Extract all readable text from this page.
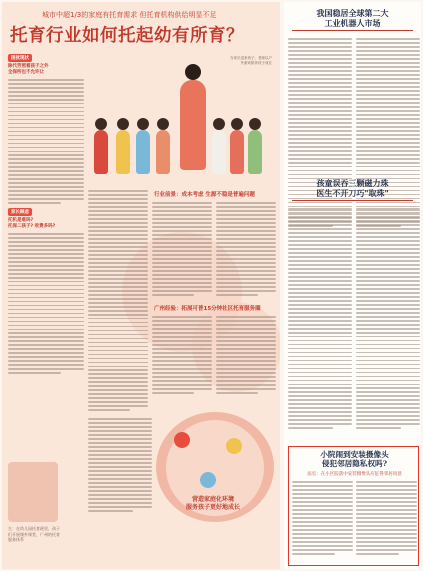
城市中超1/3的家庭有托育需求 但托育机构供给明显不足
托育行业如何托起幼有所育？
当家长送来孩子，老师以户外游戏陪伴孩子成长
困扰现状
除代劳照看孩子之外
全保所也不允许让
家长顾虑
托机是难吗?
托保二孩子? 收费多吗?
行业前景：成本考虑 生源不稳是普遍问题
广州经验：拓展可普15分钟社区托育服务圈
营造家庭化环境
服务孩子更好地成长
左：在幼儿园托育班里，孩子们开展课外课堂，广州的托育服务体系
我国稳居全球第二大
工业机器人市场
孩童误吞三颗磁力珠
医生不开刀巧"取珠"
小院闹到安装摄像头
侵犯邻居隐私权吗?
法官：在小区院落中安装摄像头应征得邻居同意
